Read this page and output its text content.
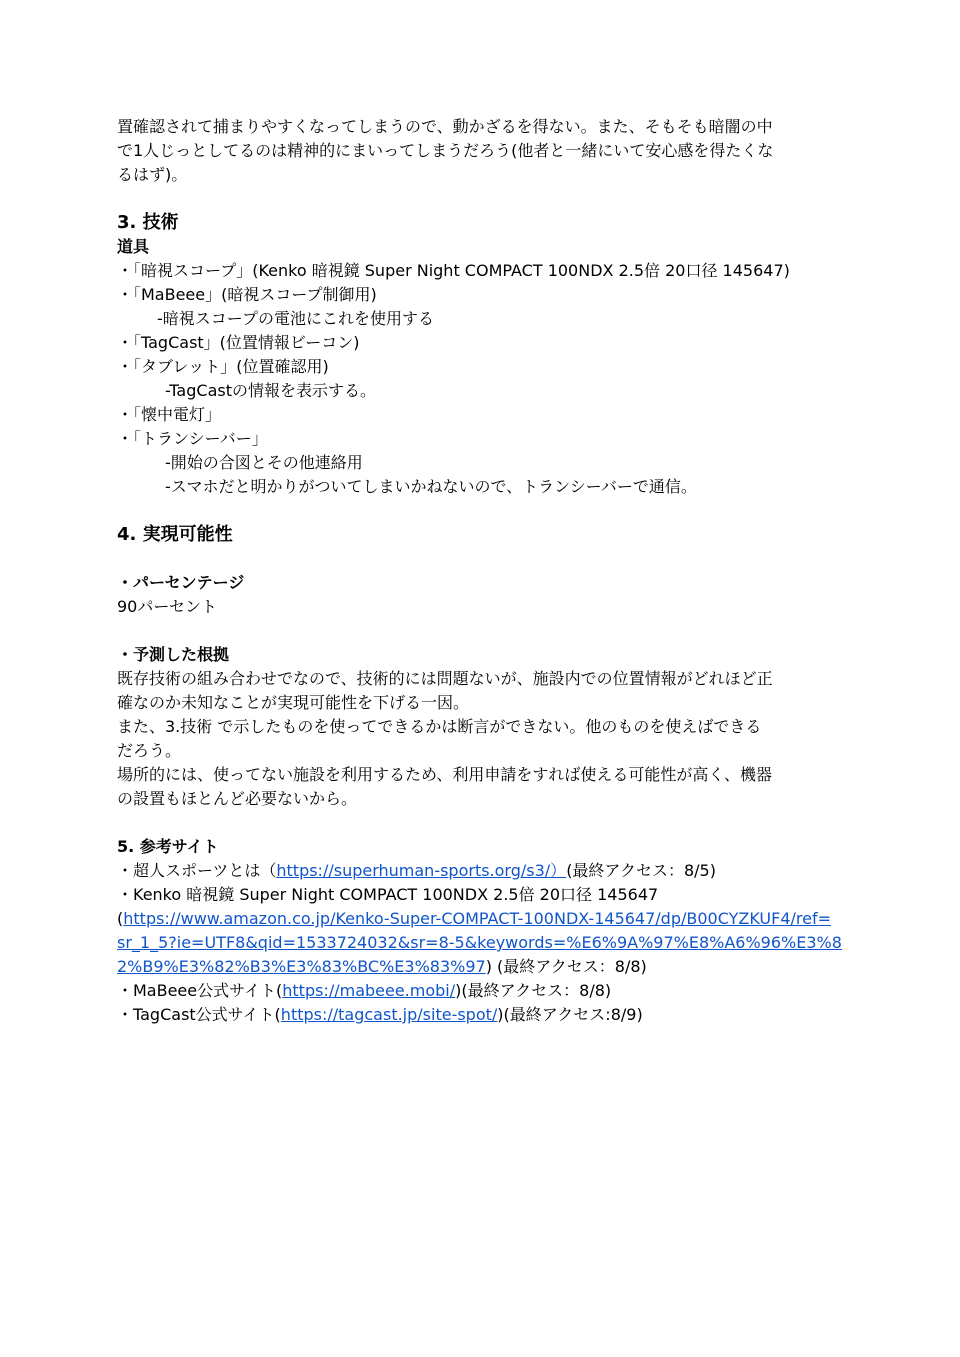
置確認されて捕まりやすくなってしまうので、動かざるを得ない。また、そもそも暗闇の中
で1人じっとしてるのは精神的にまいってしまうだろう(他者と一緒にいて安心感を得たくな
るはず)。
3. 技術
道具
・「暗視スコープ」(Kenko 暗視鏡 Super Night COMPACT 100NDX 2.5倍 20口径 145647)
・「MaBeee」(暗視スコープ制御用)
-暗視スコープの電池にこれを使用する
・「TagCast」(位置情報ビーコン)
・「タブレット」(位置確認用)
-TagCastの情報を表示する。
・「懐中電灯」
・「トランシーバー」
-開始の合図とその他連絡用
-スマホだと明かりがついてしまいかねないので、トランシーバーで通信。
4. 実現可能性
・パーセンテージ
90パーセント
・予測した根拠
既存技術の組み合わせでなので、技術的には問題ないが、施設内での位置情報がどれほど正
確なのか未知なことが実現可能性を下げる一因。
また、3.技術 で示したものを使ってできるかは断言ができない。他のものを使えばできる
だろう。
場所的には、使ってない施設を利用するため、利用申請をすれば使える可能性が高く、機器
の設置もほとんど必要ないから。
5. 参考サイト
・超人スポーツとは（https://superhuman-sports.org/s3/）(最終アクセス：8/5)
・Kenko 暗視鏡 Super Night COMPACT 100NDX 2.5倍 20口径 145647
(https://www.amazon.co.jp/Kenko-Super-COMPACT-100NDX-145647/dp/B00CYZKUF4/ref=
sr_1_5?ie=UTF8&qid=1533724032&sr=8-5&keywords=%E6%9A%97%E8%A6%96%E3%8
2%B9%E3%82%B3%E3%83%BC%E3%83%97) (最終アクセス：8/8)
・MaBeee公式サイト(https://mabeee.mobi/)(最終アクセス：8/8)
・TagCast公式サイト(https://tagcast.jp/site-spot/)(最終アクセス:8/9)
